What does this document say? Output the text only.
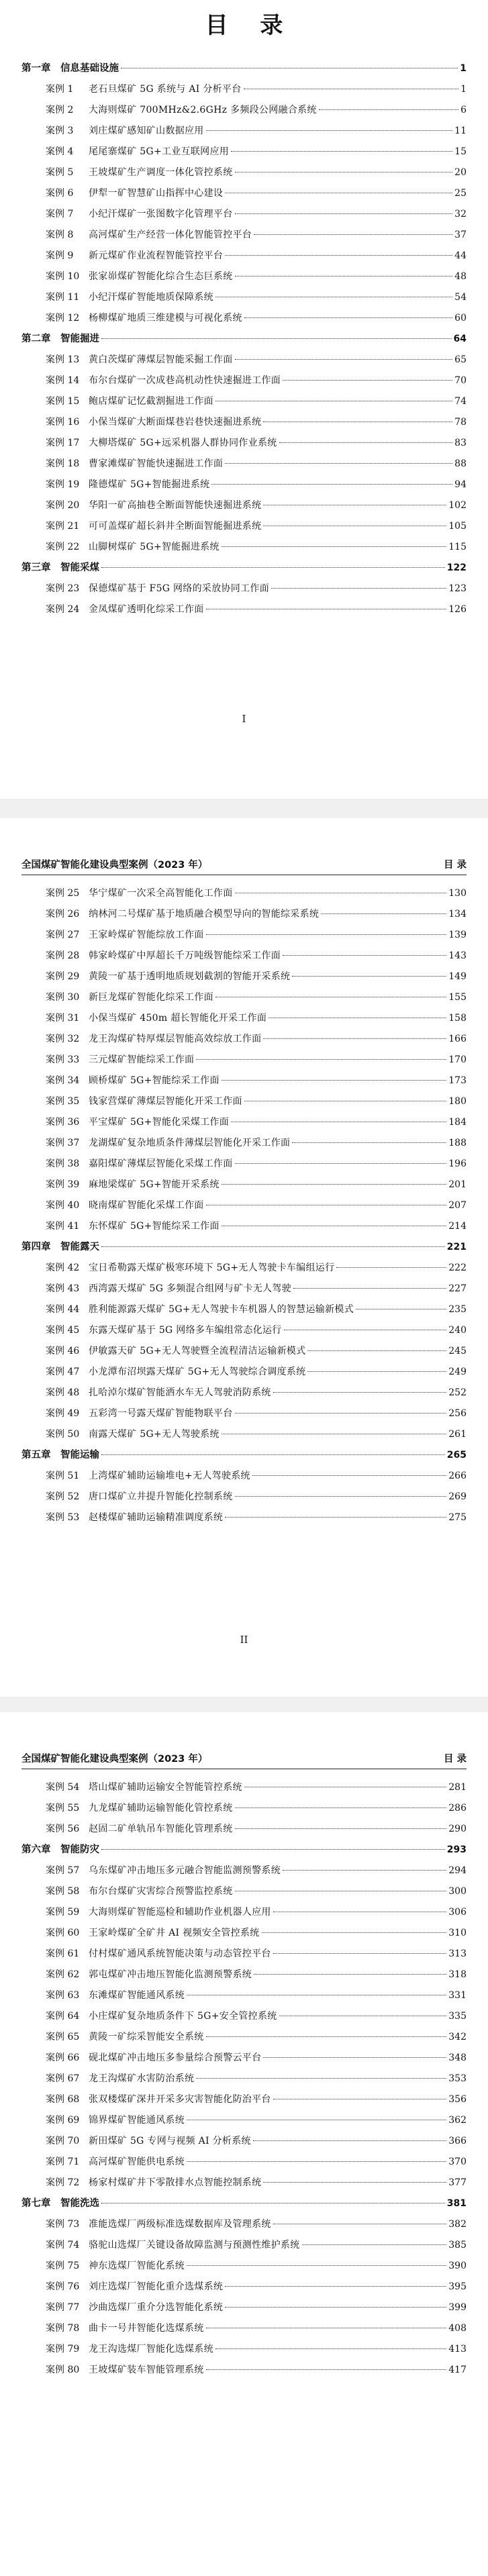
目 录
第一章	信息基础设施	1
案例 1	老石旦煤矿 5G 系统与 AI 分析平台	1
案例 2	大海则煤矿 700MHz&2.6GHz 多频段公网融合系统	6
案例 3	刘庄煤矿感知矿山数据应用	11
案例 4	尾尾寨煤矿 5G+工业互联网应用	15
案例 5	王坡煤矿生产调度一体化管控系统	20
案例 6	伊犁一矿智慧矿山指挥中心建设	25
案例 7	小纪汗煤矿一张图数字化管理平台	32
案例 8	高河煤矿生产经营一体化智能管控平台	37
案例 9	新元煤矿作业流程智能管控平台	44
案例 10 张家峁煤矿智能化综合生态巨系统	48
案例 11 小纪汗煤矿智能地质保障系统	54
案例 12 杨柳煤矿地质三维建模与可视化系统	60
第二章	智能掘进	64
案例 13 黄白茨煤矿薄煤层智能采掘工作面	65
案例 14 布尔台煤矿一次成巷高机动性快速掘进工作面	70
案例 15 鲍店煤矿记忆截割掘进工作面	74
案例 16 小保当煤矿大断面煤巷岩巷快速掘进系统	78
案例 17 大柳塔煤矿 5G+远采机器人群协同作业系统	83
案例 18 曹家滩煤矿智能快速掘进工作面	88
案例 19 隆德煤矿 5G+智能掘进系统	94
案例 20 华阳一矿高抽巷全断面智能快速掘进系统	102
案例 21 可可盖煤矿超长斜井全断面智能掘进系统	105
案例 22 山脚树煤矿 5G+智能掘进系统	115
第三章	智能采煤	122
案例 23 保德煤矿基于 F5G 网络的采放协同工作面	123
案例 24 金凤煤矿透明化综采工作面	126
I
全国煤矿智能化建设典型案例（2023 年）	目 录
案例 25 华宁煤矿一次采全高智能化工作面	130
案例 26 纳林河二号煤矿基于地质融合模型导向的智能综采系统	134
案例 27 王家岭煤矿智能综放工作面	139
案例 28 韩家岭煤矿中厚超长千万吨级智能综采工作面	143
案例 29 黄陵一矿基于透明地质规划截割的智能开采系统	149
案例 30 新巨龙煤矿智能化综采工作面	155
案例 31 小保当煤矿 450m 超长智能化开采工作面	158
案例 32 龙王沟煤矿特厚煤层智能高效综放工作面	166
案例 33 三元煤矿智能综采工作面	170
案例 34 顾桥煤矿 5G+智能综采工作面	173
案例 35 钱家营煤矿薄煤层智能化开采工作面	180
案例 36 平宝煤矿 5G+智能化采煤工作面	184
案例 37 龙湖煤矿复杂地质条件薄煤层智能化开采工作面	188
案例 38 嘉阳煤矿薄煤层智能化采煤工作面	196
案例 39 麻地梁煤矿 5G+智能开采系统	201
案例 40 晓南煤矿智能化采煤工作面	207
案例 41 东怀煤矿 5G+智能综采工作面	214
第四章	智能露天	221
案例 42 宝日希勒露天煤矿极寒环境下 5G+无人驾驶卡车编组运行	222
案例 43 西湾露天煤矿 5G 多频混合组网与矿卡无人驾驶	227
案例 44 胜利能源露天煤矿 5G+无人驾驶卡车机器人的智慧运输新模式	235
案例 45 东露天煤矿基于 5G 网络多车编组常态化运行	240
案例 46 伊敏露天矿 5G+无人驾驶暨全流程清洁运输新模式	245
案例 47 小龙潭布沼坝露天煤矿 5G+无人驾驶综合调度系统	249
案例 48 扎哈淖尔煤矿智能洒水车无人驾驶消防系统	252
案例 49 五彩湾一号露天煤矿智能物联平台	256
案例 50 南露天煤矿 5G+无人驾驶系统	261
第五章	智能运输	265
案例 51 上湾煤矿辅助运输堆电+无人驾驶系统	266
案例 52 唐口煤矿立井提升智能化控制系统	269
案例 53 赵楼煤矿辅助运输精准调度系统	275
II
全国煤矿智能化建设典型案例（2023 年）	目 录
案例 54 塔山煤矿辅助运输安全智能管控系统	281
案例 55 九龙煤矿辅助运输智能化管控系统	286
案例 56 赵固二矿单轨吊车智能化管理系统	290
第六章	智能防灾	293
案例 57 乌东煤矿冲击地压多元融合智能监测预警系统	294
案例 58 布尔台煤矿灾害综合预警监控系统	300
案例 59 大海则煤矿智能巡检和辅助作业机器人应用	306
案例 60 王家岭煤矿全矿井 AI 视频安全管控系统	310
案例 61 付村煤矿通风系统智能决策与动态管控平台	313
案例 62 郭屯煤矿冲击地压智能化监测预警系统	318
案例 63 东滩煤矿智能通风系统	331
案例 64 小庄煤矿复杂地质条件下 5G+安全管控系统	335
案例 65 黄陵一矿综采智能安全系统	342
案例 66 砚北煤矿冲击地压多参量综合预警云平台	348
案例 67 龙王沟煤矿水害防治系统	353
案例 68 张双楼煤矿深井开采多灾害智能化防治平台	356
案例 69 锦界煤矿智能通风系统	362
案例 70 新田煤矿 5G 专网与视频 AI 分析系统	366
案例 71 高河煤矿智能供电系统	370
案例 72 杨家村煤矿井下零散排水点智能控制系统	377
第七章	智能洗选	381
案例 73 准能选煤厂两级标准选煤数据库及管理系统	382
案例 74 骆驼山选煤厂关键设备故障监测与预测性维护系统	385
案例 75 神东选煤厂智能化系统	390
案例 76 刘庄选煤厂智能化重介选煤系统	395
案例 77 沙曲选煤厂重介分选智能化系统	399
案例 78 曲卡一号井智能化选煤系统	408
案例 79 龙王沟选煤厂智能化选煤系统	413
案例 80 王坡煤矿装车智能管理系统	417
